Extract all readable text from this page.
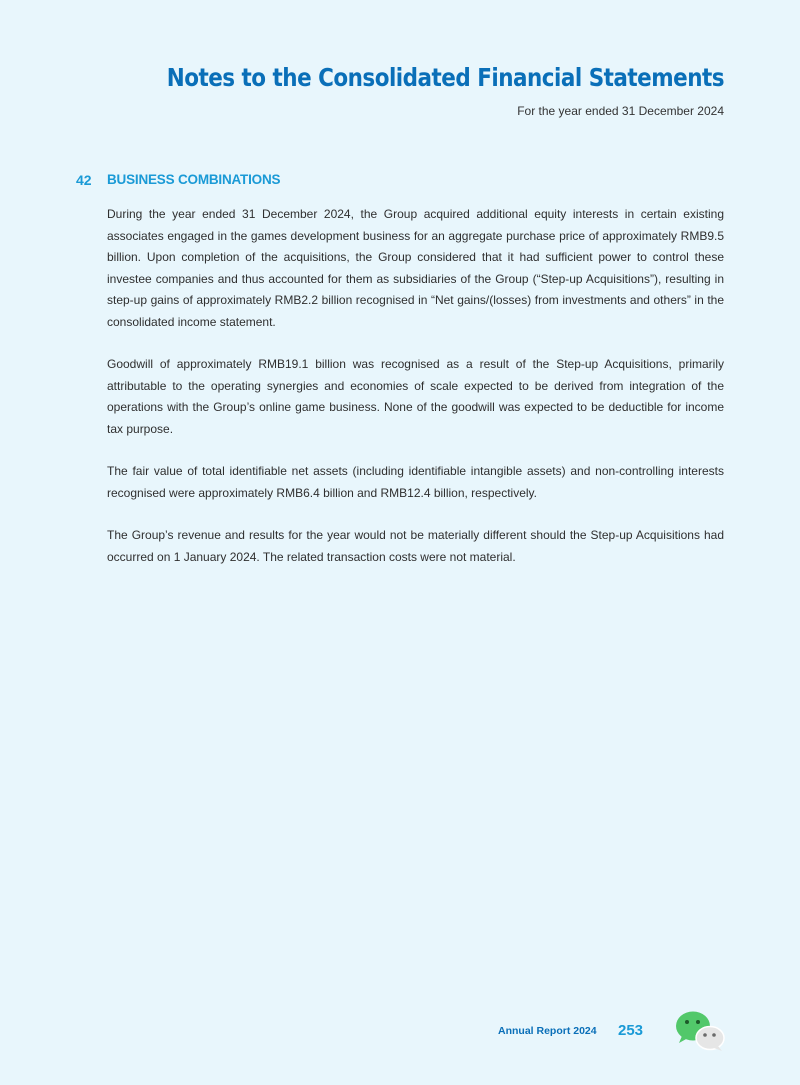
Notes to the Consolidated Financial Statements
For the year ended 31 December 2024
42 BUSINESS COMBINATIONS

During the year ended 31 December 2024, the Group acquired additional equity interests in certain existing associates engaged in the games development business for an aggregate purchase price of approximately RMB9.5 billion. Upon completion of the acquisitions, the Group considered that it had sufficient power to control these investee companies and thus accounted for them as subsidiaries of the Group (“Step-up Acquisitions”), resulting in step-up gains of approximately RMB2.2 billion recognised in “Net gains/(losses) from investments and others” in the consolidated income statement.

Goodwill of approximately RMB19.1 billion was recognised as a result of the Step-up Acquisitions, primarily attributable to the operating synergies and economies of scale expected to be derived from integration of the operations with the Group’s online game business. None of the goodwill was expected to be deductible for income tax purpose.

The fair value of total identifiable net assets (including identifiable intangible assets) and non-controlling interests recognised were approximately RMB6.4 billion and RMB12.4 billion, respectively.

The Group’s revenue and results for the year would not be materially different should the Step-up Acquisitions had occurred on 1 January 2024. The related transaction costs were not material.

Annual Report 2024 253
